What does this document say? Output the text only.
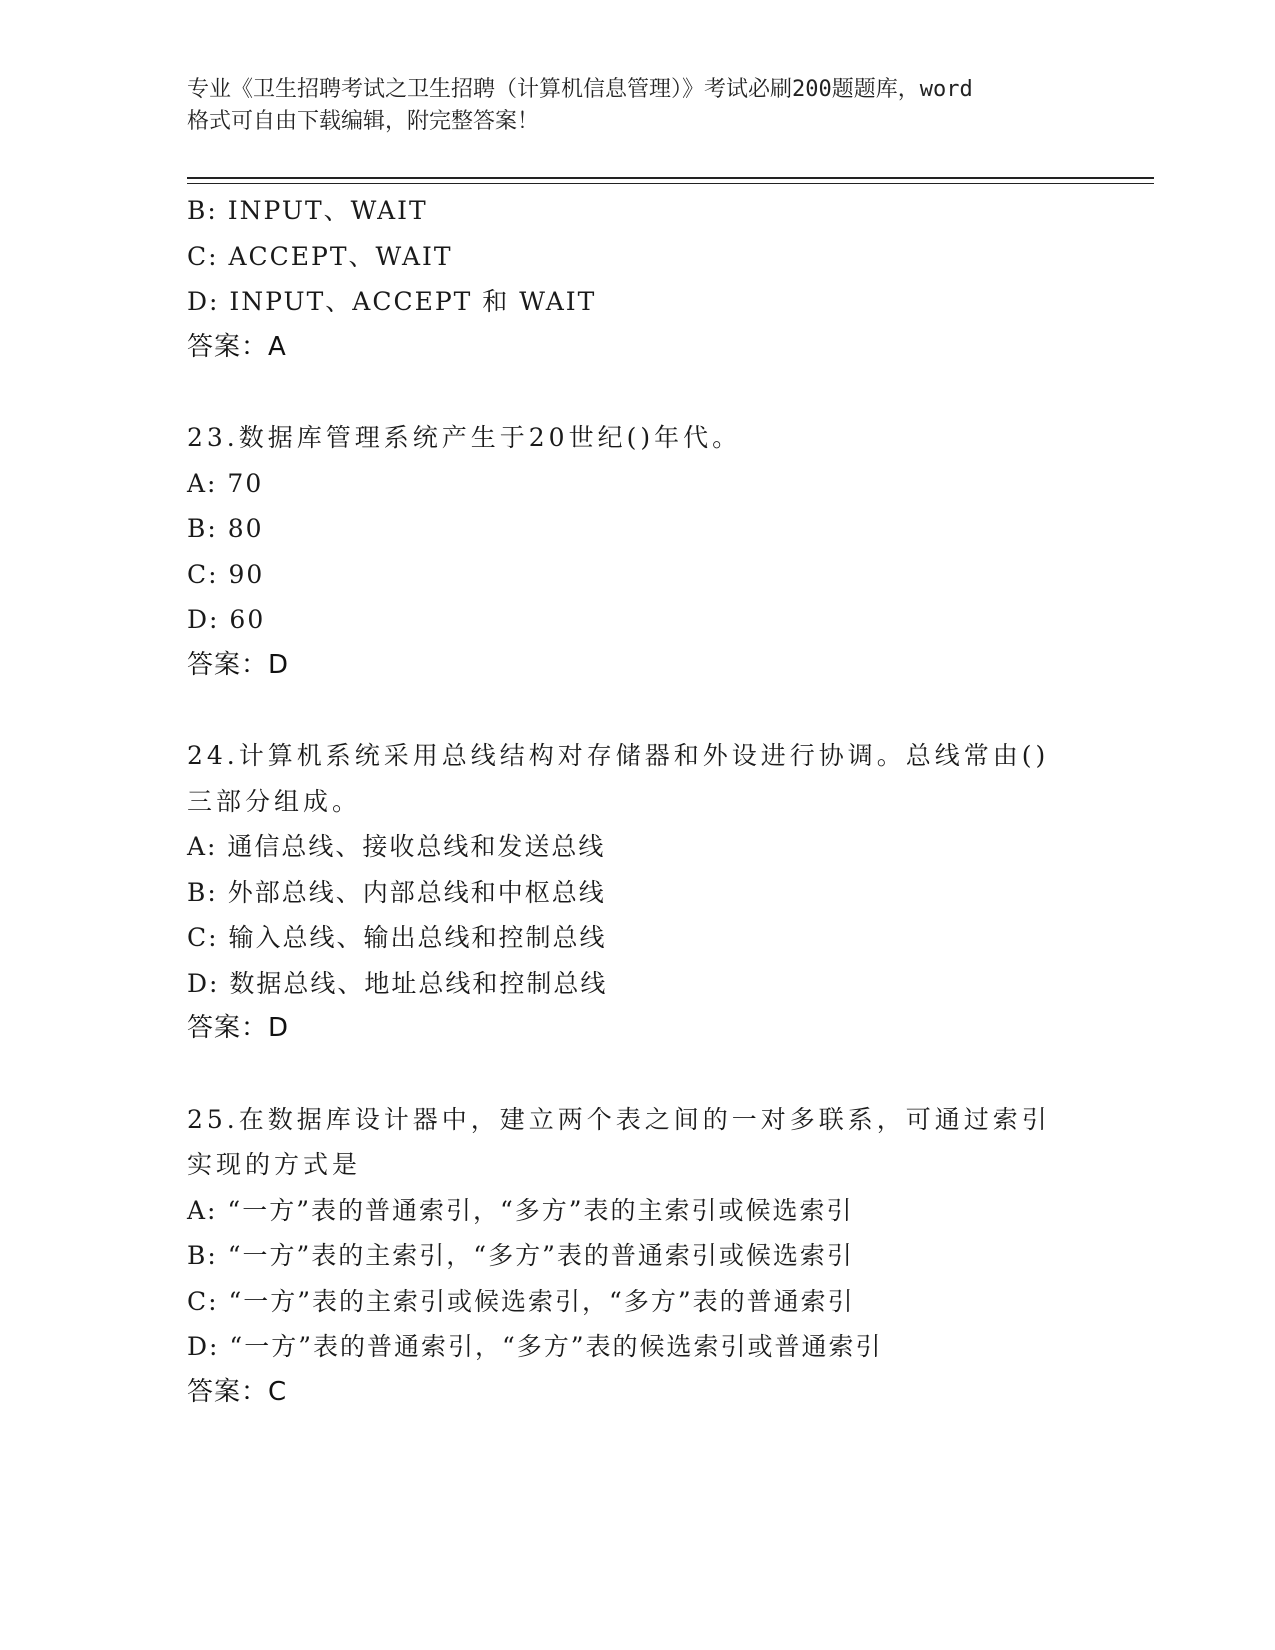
专业《卫生招聘考试之卫生招聘（计算机信息管理）》考试必刷200题题库，word
格式可自由下载编辑，附完整答案！
B: INPUT、WAIT
C: ACCEPT、WAIT
D: INPUT、ACCEPT 和 WAIT
答案：A
23.数据库管理系统产生于20世纪()年代。
A: 70
B: 80
C: 90
D: 60
答案：D
24.计算机系统采用总线结构对存储器和外设进行协调。总线常由()三部分组成。
A: 通信总线、接收总线和发送总线
B: 外部总线、内部总线和中枢总线
C: 输入总线、输出总线和控制总线
D: 数据总线、地址总线和控制总线
答案：D
25.在数据库设计器中，建立两个表之间的一对多联系，可通过索引实现的方式是
A: “一方”表的普通索引，“多方”表的主索引或候选索引
B: “一方”表的主索引，“多方”表的普通索引或候选索引
C: “一方”表的主索引或候选索引，“多方”表的普通索引
D: “一方”表的普通索引，“多方”表的候选索引或普通索引
答案：C
